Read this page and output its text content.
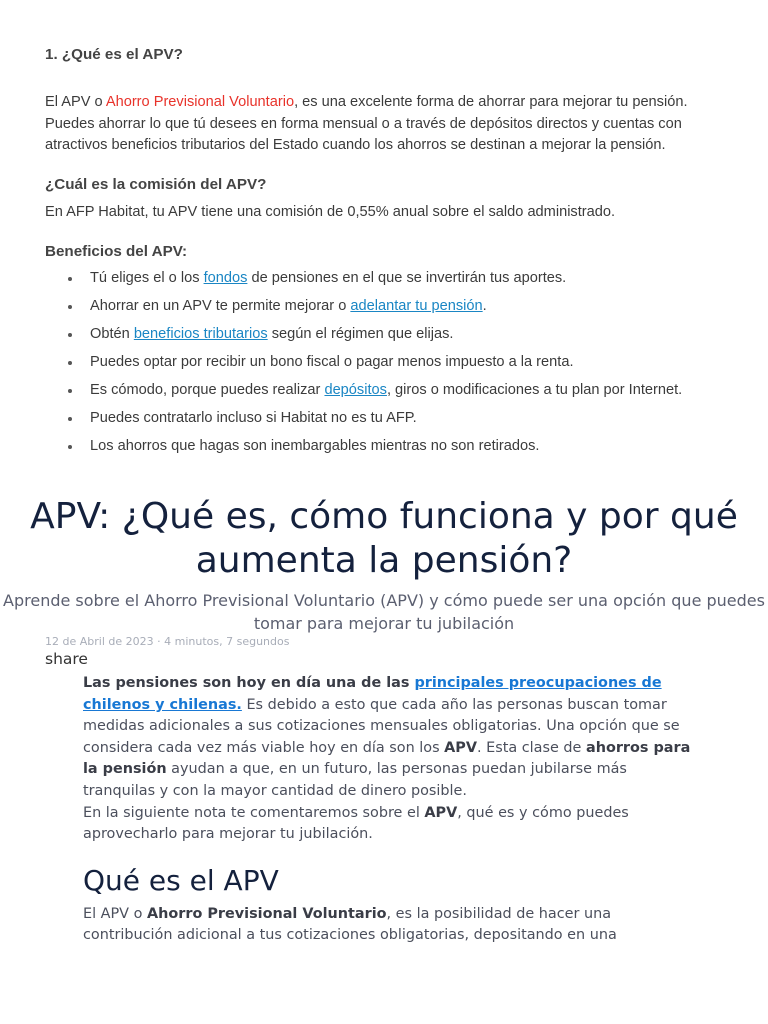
1. ¿Qué es el APV?

El APV o Ahorro Previsional Voluntario, es una excelente forma de ahorrar para mejorar tu pensión. Puedes ahorrar lo que tú desees en forma mensual o a través de depósitos directos y cuentas con atractivos beneficios tributarios del Estado cuando los ahorros se destinan a mejorar la pensión.

¿Cuál es la comisión del APV?

En AFP Habitat, tu APV tiene una comisión de 0,55% anual sobre el saldo administrado.

Beneficios del APV:
Tú eliges el o los fondos de pensiones en el que se invertirán tus aportes.
Ahorrar en un APV te permite mejorar o adelantar tu pensión.
Obtén beneficios tributarios según el régimen que elijas.
Puedes optar por recibir un bono fiscal o pagar menos impuesto a la renta.
Es cómodo, porque puedes realizar depósitos, giros o modificaciones a tu plan por Internet.
Puedes contratarlo incluso si Habitat no es tu AFP.
Los ahorros que hagas son inembargables mientras no son retirados.
APV: ¿Qué es, cómo funciona y por qué aumenta la pensión?

Aprende sobre el Ahorro Previsional Voluntario (APV) y cómo puede ser una opción que puedes tomar para mejorar tu jubilación

12 de Abril de 2023 · 4 minutos, 7 segundos
share

Las pensiones son hoy en día una de las principales preocupaciones de chilenos y chilenas. Es debido a esto que cada año las personas buscan tomar medidas adicionales a sus cotizaciones mensuales obligatorias. Una opción que se considera cada vez más viable hoy en día son los APV. Esta clase de ahorros para la pensión ayudan a que, en un futuro, las personas puedan jubilarse más tranquilas y con la mayor cantidad de dinero posible.

En la siguiente nota te comentaremos sobre el APV, qué es y cómo puedes aprovecharlo para mejorar tu jubilación.

Qué es el APV

El APV o Ahorro Previsional Voluntario, es la posibilidad de hacer una contribución adicional a tus cotizaciones obligatorias, depositando en una
